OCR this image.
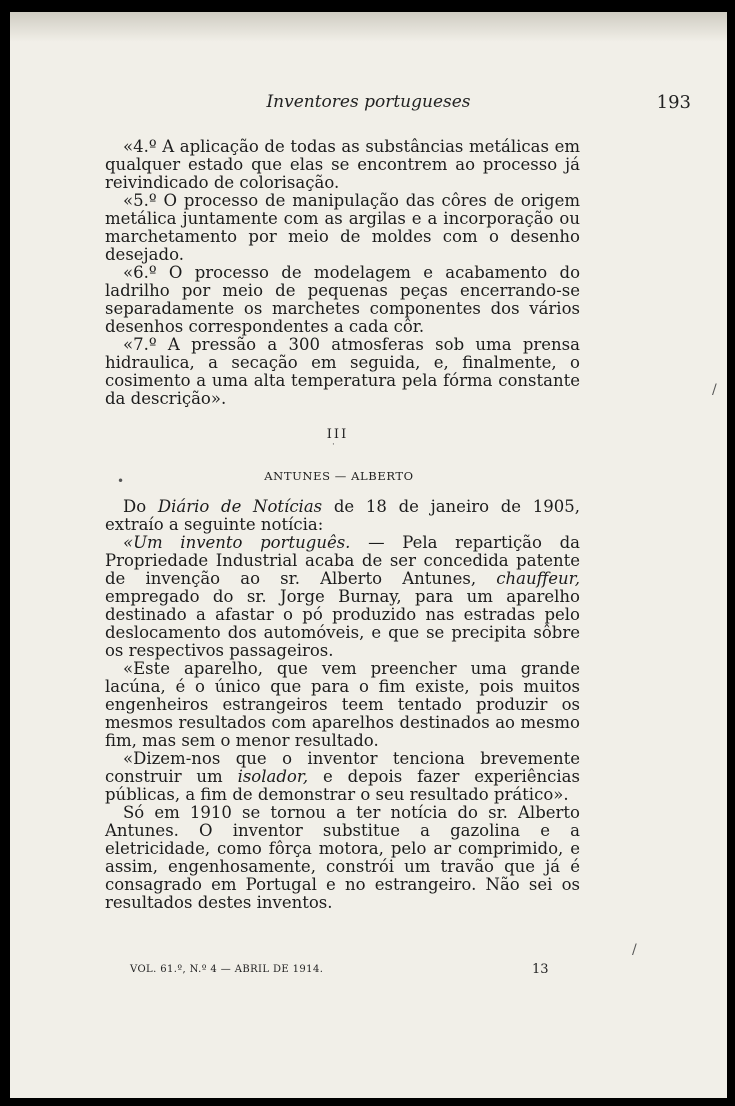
Inventores portugueses	193

«4.º A aplicação de todas as substâncias metálicas em qualquer estado que elas se encontrem ao processo já reivindicado de colorisação.

«5.º O processo de manipulação das côres de origem metálica juntamente com as argilas e a incorporação ou marchetamento por meio de moldes com o desenho desejado.

«6.º O processo de modelagem e acabamento do ladrilho por meio de pequenas peças encerrando-se separadamente os marchetes componentes dos vários desenhos correspondentes a cada côr.

«7.º A pressão a 300 atmosferas sob uma prensa hidraulica, a secação em seguida, e, finalmente, o cosimento a uma alta temperatura pela fórma constante da descrição».

III
ANTUNES — ALBERTO

Do Diário de Notícias de 18 de janeiro de 1905, extraío a seguinte notícia:

«Um invento português. — Pela repartição da Propriedade Industrial acaba de ser concedida patente de invenção ao sr. Alberto Antunes, chauffeur, empregado do sr. Jorge Burnay, para um aparelho destinado a afastar o pó produzido nas estradas pelo deslocamento dos automóveis, e que se precipita sôbre os respectivos passageiros.

«Este aparelho, que vem preencher uma grande lacúna, é o único que para o fim existe, pois muitos engenheiros estrangeiros teem tentado produzir os mesmos resultados com aparelhos destinados ao mesmo fim, mas sem o menor resultado.

«Dizem-nos que o inventor tenciona brevemente construir um isolador, e depois fazer experiências públicas, a fim de demonstrar o seu resultado prático».

Só em 1910 se tornou a ter notícia do sr. Alberto Antunes. O inventor substitue a gazolina e a eletricidade, como fôrça motora, pelo ar comprimido, e assim, engenhosamente, constrói um travão que já é consagrado em Portugal e no estrangeiro. Não sei os resultados destes inventos.

VOL. 61.º, N.º 4 — ABRIL DE 1914.	13
·
•
/
/
